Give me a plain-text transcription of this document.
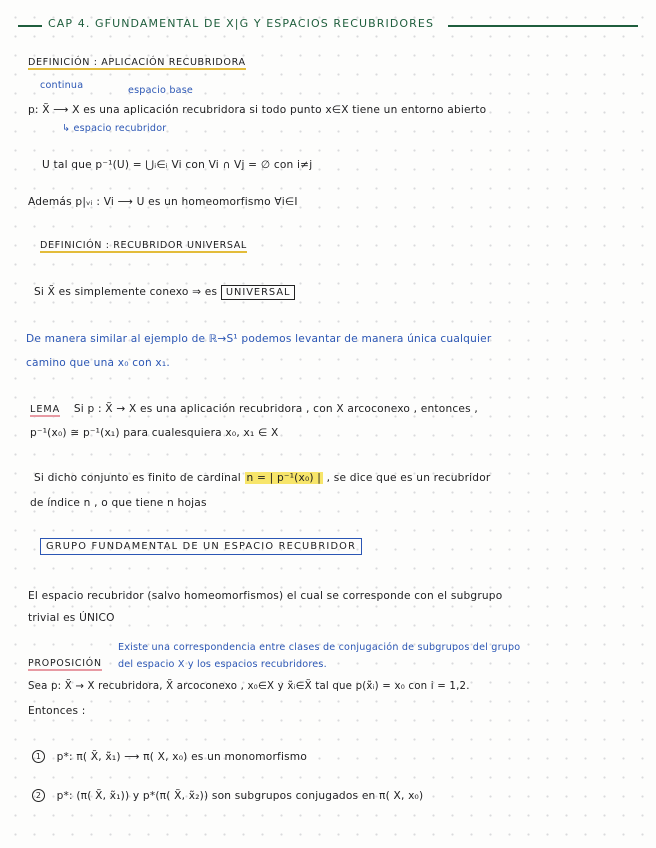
CAP 4. GFUNDAMENTAL DE X|G Y ESPACIOS RECUBRIDORES
DEFINICIÓN : APLICACIÓN RECUBRIDORA
continua	espacio base
p: X̃ ⟶ X es una aplicación recubridora si todo punto x∈X tiene un entorno abierto
↳ espacio recubridor
U tal que p⁻¹(U) = ⋃ᵢ∈ᵢ Vi con Vi ∩ Vj = ∅ con i≠j
Además p|ᵥᵢ : Vi ⟶ U es un homeomorfismo ∀i∈I
DEFINICIÓN : RECUBRIDOR UNIVERSAL
Si X̃ es simplemente conexo ⇒ es UNIVERSAL
De manera similar al ejemplo de ℝ→S¹ podemos levantar de manera única cualquier
camino que una x₀ con x₁.
LEMA Si p : X̃ → X es una aplicación recubridora , con X arcoconexo , entonces ,
p⁻¹(x₀) ≅ p⁻¹(x₁) para cualesquiera x₀, x₁ ∈ X
Si dicho conjunto es finito de cardinal n = | p⁻¹(x₀) | , se dice que es un recubridor
de índice n , o que tiene n hojas
GRUPO FUNDAMENTAL DE UN ESPACIO RECUBRIDOR
El espacio recubridor (salvo homeomorfismos) el cual se corresponde con el subgrupo
trivial es ÚNICO
Existe una correspondencia entre clases de conjugación de subgrupos del grupo
PROPOSICIÓN del espacio X y los espacios recubridores.
Sea p: X̃ → X recubridora, X̃ arcoconexo , x₀∈X y x̃ᵢ∈X̃ tal que p(x̃ᵢ) = x₀ con i = 1,2.
Entonces :
1 p*: π( X̃, x̃₁) ⟶ π( X, x₀) es un monomorfismo
2 p*: (π( X̃, x̃₁)) y p*(π( X̃, x̃₂)) son subgrupos conjugados en π( X, x₀)
